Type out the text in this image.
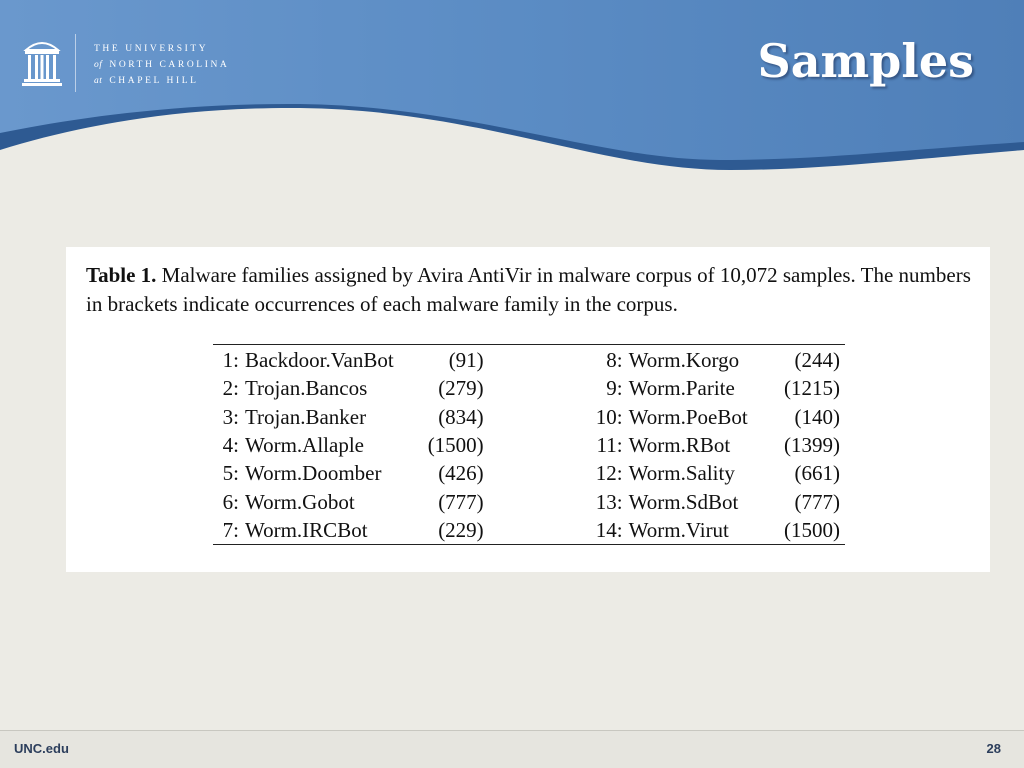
THE UNIVERSITY
of NORTH CAROLINA
at CHAPEL HILL	Samples
Table 1. Malware families assigned by Avira AntiVir in malware corpus of 10,072 samples. The numbers in brackets indicate occurrences of each malware family in the corpus.
1:	Backdoor.VanBot	(91)		8:	Worm.Korgo	(244)
2:	Trojan.Bancos	(279)		9:	Worm.Parite	(1215)
3:	Trojan.Banker	(834)		10:	Worm.PoeBot	(140)
4:	Worm.Allaple	(1500)		11:	Worm.RBot	(1399)
5:	Worm.Doomber	(426)		12:	Worm.Sality	(661)
6:	Worm.Gobot	(777)		13:	Worm.SdBot	(777)
7:	Worm.IRCBot	(229)		14:	Worm.Virut	(1500)
UNC.edu	28
